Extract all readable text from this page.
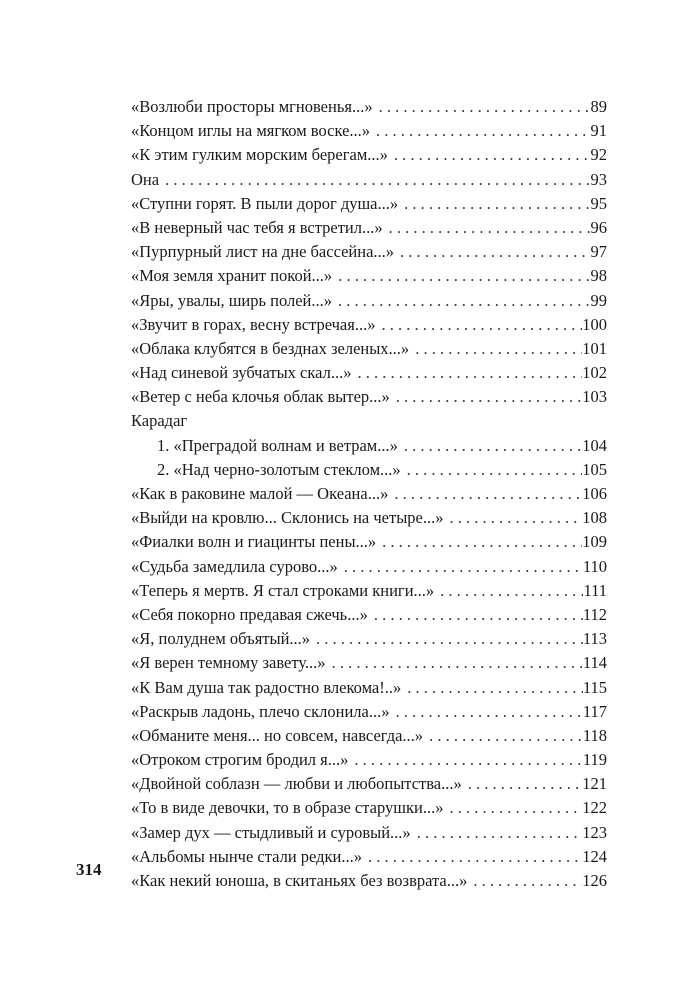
«Возлюби просторы мгновенья...» . . .	89
«Концом иглы на мягком воске...» . . .	91
«К этим гулким морским берегам...» . . .	92
Она . . .	93
«Ступни горят. В пыли дорог душа...» . . .	95
«В неверный час тебя я встретил...» . . .	96
«Пурпурный лист на дне бассейна...» . . .	97
«Моя земля хранит покой...» . . .	98
«Яры, увалы, ширь полей...» . . .	99
«Звучит в горах, весну встречая...» . . .	100
«Облака клубятся в безднах зеленых...» . . .	101
«Над синевой зубчатых скал...» . . .	102
«Ветер с неба клочья облак вытер...» . . .	103
Карадаг
1. «Преградой волнам и ветрам...» . . .	104
2. «Над черно-золотым стеклом...» . . .	105
«Как в раковине малой — Океана...» . . .	106
«Выйди на кровлю... Склонись на четыре...» . . .	108
«Фиалки волн и гиацинты пены...» . . .	109
«Судьба замедлила сурово...» . . .	110
«Теперь я мертв. Я стал строками книги...» . . .	111
«Себя покорно предавая сжечь...» . . .	112
«Я, полуднем объятый...» . . .	113
«Я верен темному завету...» . . .	114
«К Вам душа так радостно влекома!..» . . .	115
«Раскрыв ладонь, плечо склонила...» . . .	117
«Обманите меня... но совсем, навсегда...» . . .	118
«Отроком строгим бродил я...» . . .	119
«Двойной соблазн — любви и любопытства...» . . .	121
«То в виде девочки, то в образе старушки...» . . .	122
«Замер дух — стыдливый и суровый...» . . .	123
«Альбомы нынче стали редки...» . . .	124
«Как некий юноша, в скитаньях без возврата...» . . .	126
314
